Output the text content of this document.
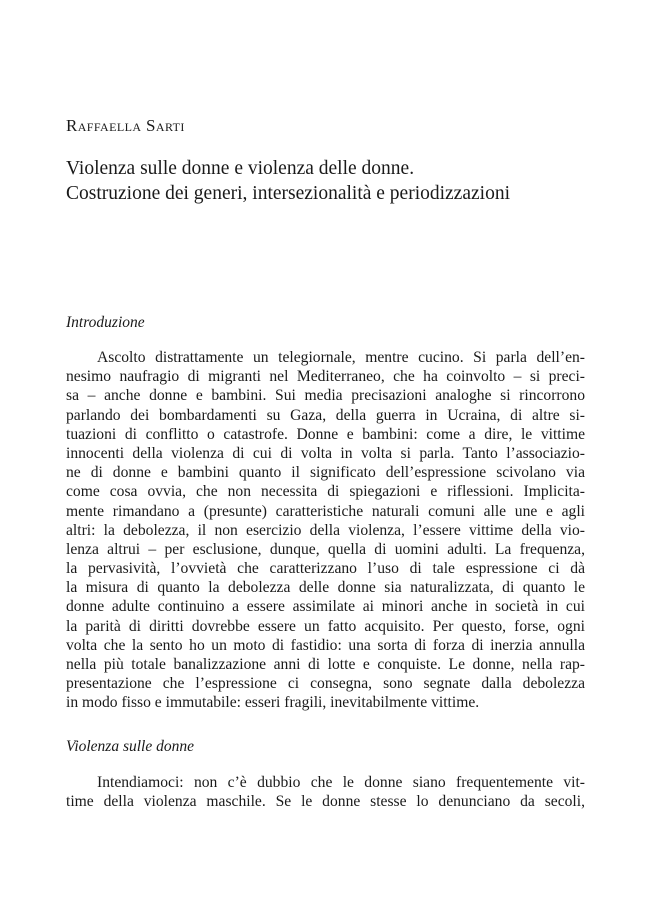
Raffaella Sarti
Violenza sulle donne e violenza delle donne.
Costruzione dei generi, intersezionalità e periodizzazioni
Introduzione
Ascolto distrattamente un telegiornale, mentre cucino. Si parla dell’en-
nesimo naufragio di migranti nel Mediterraneo, che ha coinvolto – si preci-
sa – anche donne e bambini. Sui media precisazioni analoghe si rincorrono
parlando dei bombardamenti su Gaza, della guerra in Ucraina, di altre si-
tuazioni di conflitto o catastrofe. Donne e bambini: come a dire, le vittime
innocenti della violenza di cui di volta in volta si parla. Tanto l’associazio-
ne di donne e bambini quanto il significato dell’espressione scivolano via
come cosa ovvia, che non necessita di spiegazioni e riflessioni. Implicita-
mente rimandano a (presunte) caratteristiche naturali comuni alle une e agli
altri: la debolezza, il non esercizio della violenza, l’essere vittime della vio-
lenza altrui – per esclusione, dunque, quella di uomini adulti. La frequenza,
la pervasività, l’ovvietà che caratterizzano l’uso di tale espressione ci dà
la misura di quanto la debolezza delle donne sia naturalizzata, di quanto le
donne adulte continuino a essere assimilate ai minori anche in società in cui
la parità di diritti dovrebbe essere un fatto acquisito. Per questo, forse, ogni
volta che la sento ho un moto di fastidio: una sorta di forza di inerzia annulla
nella più totale banalizzazione anni di lotte e conquiste. Le donne, nella rap-
presentazione che l’espressione ci consegna, sono segnate dalla debolezza
in modo fisso e immutabile: esseri fragili, inevitabilmente vittime.
Violenza sulle donne
Intendiamoci: non c’è dubbio che le donne siano frequentemente vit-
time della violenza maschile. Se le donne stesse lo denunciano da secoli,
